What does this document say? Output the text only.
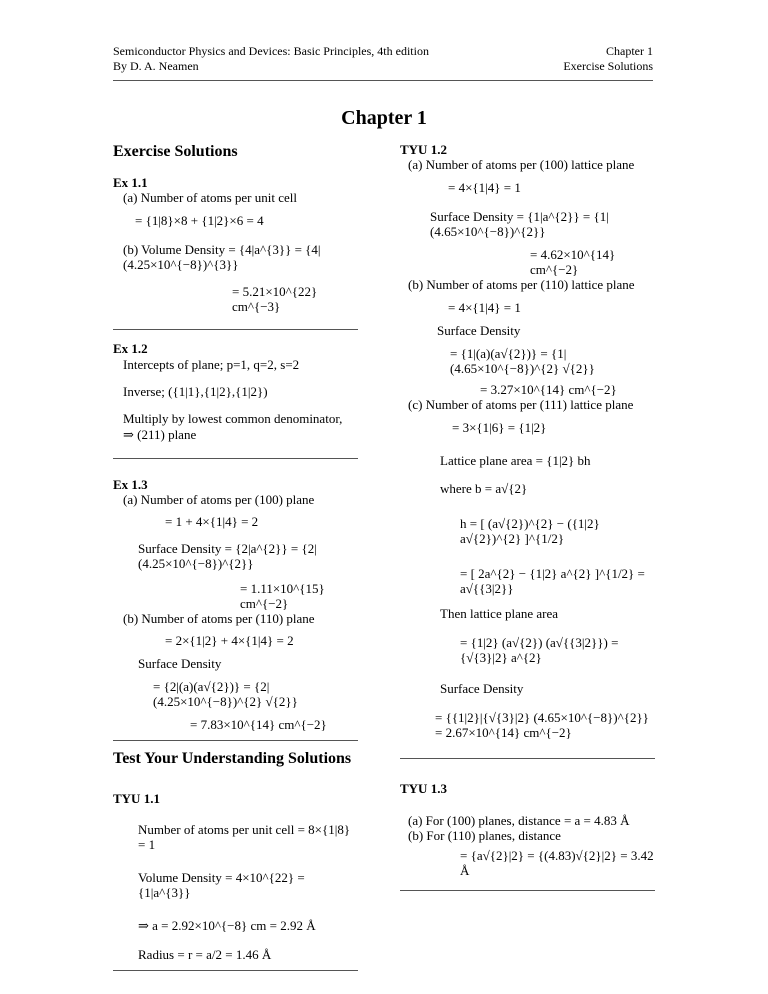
Semiconductor Physics and Devices: Basic Principles, 4th edition
By D. A. Neamen
Chapter 1
Exercise Solutions
Chapter 1
Exercise Solutions
Ex 1.1
(a) Number of atoms per unit cell
= {1|8}×8 + {1|2}×6 = 4
(b) Volume Density = {4|a^{3}} = {4|(4.25×10^{−8})^{3}}
= 5.21×10^{22} cm^{−3}
Ex 1.2
Intercepts of plane; p=1, q=2, s=2
Inverse; ({1|1},{1|2},{1|2})
Multiply by lowest common denominator,
⇒ (211) plane
Ex 1.3
(a) Number of atoms per (100) plane
= 1 + 4×{1|4} = 2
Surface Density = {2|a^{2}} = {2|(4.25×10^{−8})^{2}}
= 1.11×10^{15} cm^{−2}
(b) Number of atoms per (110) plane
= 2×{1|2} + 4×{1|4} = 2
Surface Density
= {2|(a)(a√{2})} = {2|(4.25×10^{−8})^{2} √{2}}
= 7.83×10^{14} cm^{−2}
Test Your Understanding Solutions
TYU 1.1
Number of atoms per unit cell = 8×{1|8} = 1
Volume Density = 4×10^{22} = {1|a^{3}}
⇒ a = 2.92×10^{−8} cm = 2.92 Å
Radius = r = a/2 = 1.46 Å
TYU 1.2
(a) Number of atoms per (100) lattice plane
= 4×{1|4} = 1
Surface Density = {1|a^{2}} = {1|(4.65×10^{−8})^{2}}
= 4.62×10^{14} cm^{−2}
(b) Number of atoms per (110) lattice plane
= 4×{1|4} = 1
Surface Density
= {1|(a)(a√{2})} = {1|(4.65×10^{−8})^{2} √{2}}
= 3.27×10^{14} cm^{−2}
(c) Number of atoms per (111) lattice plane
= 3×{1|6} = {1|2}
Lattice plane area = {1|2} bh
where b = a√{2}
h = [ (a√{2})^{2} − ({1|2} a√{2})^{2} ]^{1/2}
= [ 2a^{2} − {1|2} a^{2} ]^{1/2} = a√{{3|2}}
Then lattice plane area
= {1|2} (a√{2}) (a√{{3|2}}) = {√{3}|2} a^{2}
Surface Density
= {{1|2}|{√{3}|2} (4.65×10^{−8})^{2}} = 2.67×10^{14} cm^{−2}
TYU 1.3
(a) For (100) planes, distance = a = 4.83 Å
(b) For (110) planes, distance
= {a√{2}|2} = {(4.83)√{2}|2} = 3.42 Å
